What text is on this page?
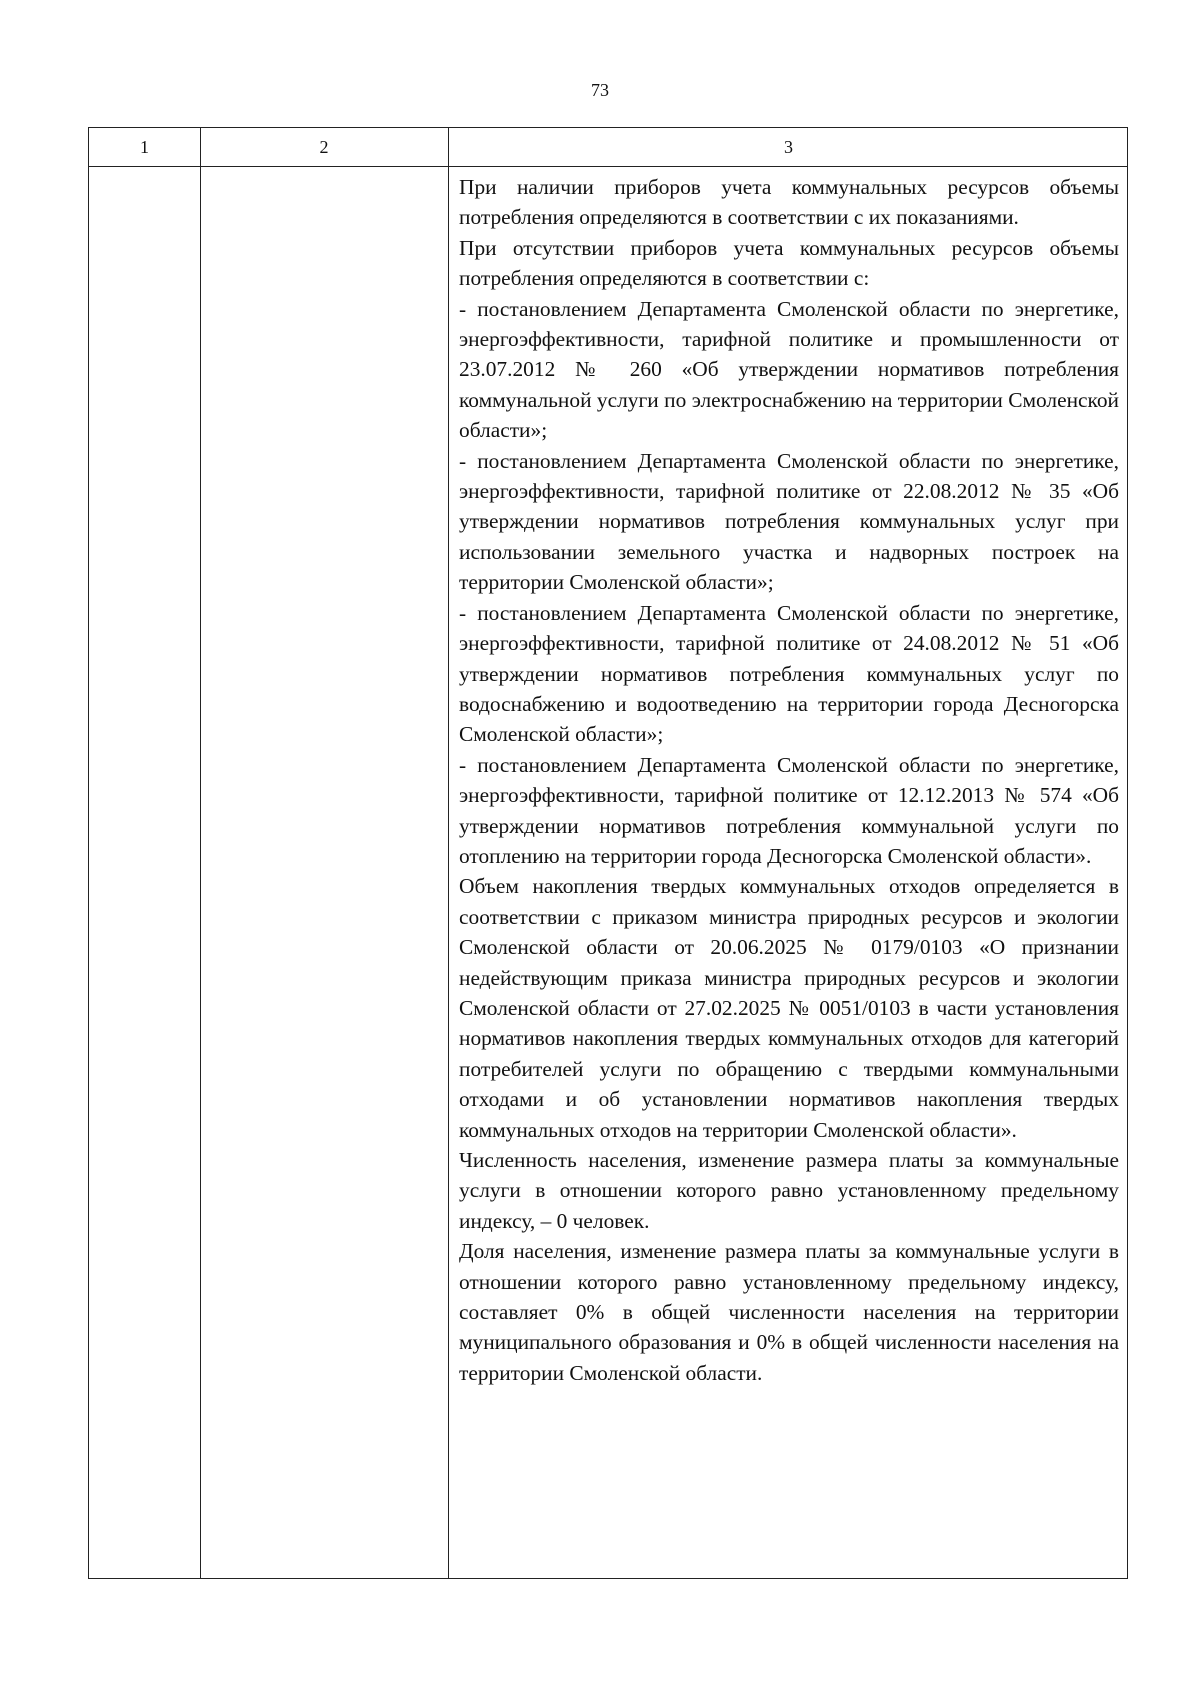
73
1	2	3

При наличии приборов учета коммунальных ресурсов объемы потребления определяются в соответствии с их показаниями.

При отсутствии приборов учета коммунальных ресурсов объемы потребления определяются в соответствии с:

- постановлением Департамента Смоленской области по энергетике, энергоэффективности, тарифной политике и промышленности от 23.07.2012 № 260 «Об утверждении нормативов потребления коммунальной услуги по электроснабжению на территории Смоленской области»;

- постановлением Департамента Смоленской области по энергетике, энергоэффективности, тарифной политике от 22.08.2012 № 35 «Об утверждении нормативов потребления коммунальных услуг при использовании земельного участка и надворных построек на территории Смоленской области»;

- постановлением Департамента Смоленской области по энергетике, энергоэффективности, тарифной политике от 24.08.2012 № 51 «Об утверждении нормативов потребления коммунальных услуг по водоснабжению и водоотведению на территории города Десногорска Смоленской области»;

- постановлением Департамента Смоленской области по энергетике, энергоэффективности, тарифной политике от 12.12.2013 № 574 «Об утверждении нормативов потребления коммунальной услуги по отоплению на территории города Десногорска Смоленской области».

Объем накопления твердых коммунальных отходов определяется в соответствии с приказом министра природных ресурсов и экологии Смоленской области от 20.06.2025 № 0179/0103 «О признании недействующим приказа министра природных ресурсов и экологии Смоленской области от 27.02.2025 № 0051/0103 в части установления нормативов накопления твердых коммунальных отходов для категорий потребителей услуги по обращению с твердыми коммунальными отходами и об установлении нормативов накопления твердых коммунальных отходов на территории Смоленской области».

Численность населения, изменение размера платы за коммунальные услуги в отношении которого равно установленному предельному индексу, – 0 человек.

Доля населения, изменение размера платы за коммунальные услуги в отношении которого равно установленному предельному индексу, составляет 0% в общей численности населения на территории муниципального образования и 0% в общей численности населения на территории Смоленской области.
